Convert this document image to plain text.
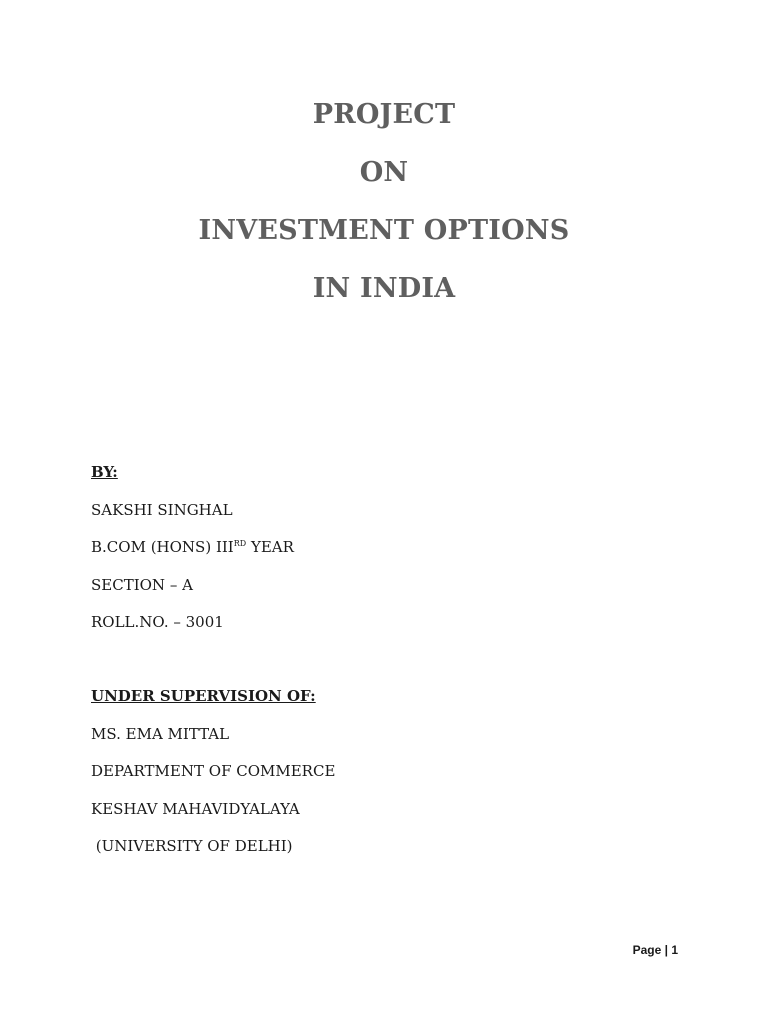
PROJECT
ON
INVESTMENT OPTIONS
IN INDIA
BY:
SAKSHI SINGHAL
B.COM (HONS) IIIRD YEAR
SECTION – A
ROLL.NO. – 3001
UNDER SUPERVISION OF:
MS. EMA MITTAL
DEPARTMENT OF COMMERCE
KESHAV MAHAVIDYALAYA
(UNIVERSITY OF DELHI)
Page | 1
